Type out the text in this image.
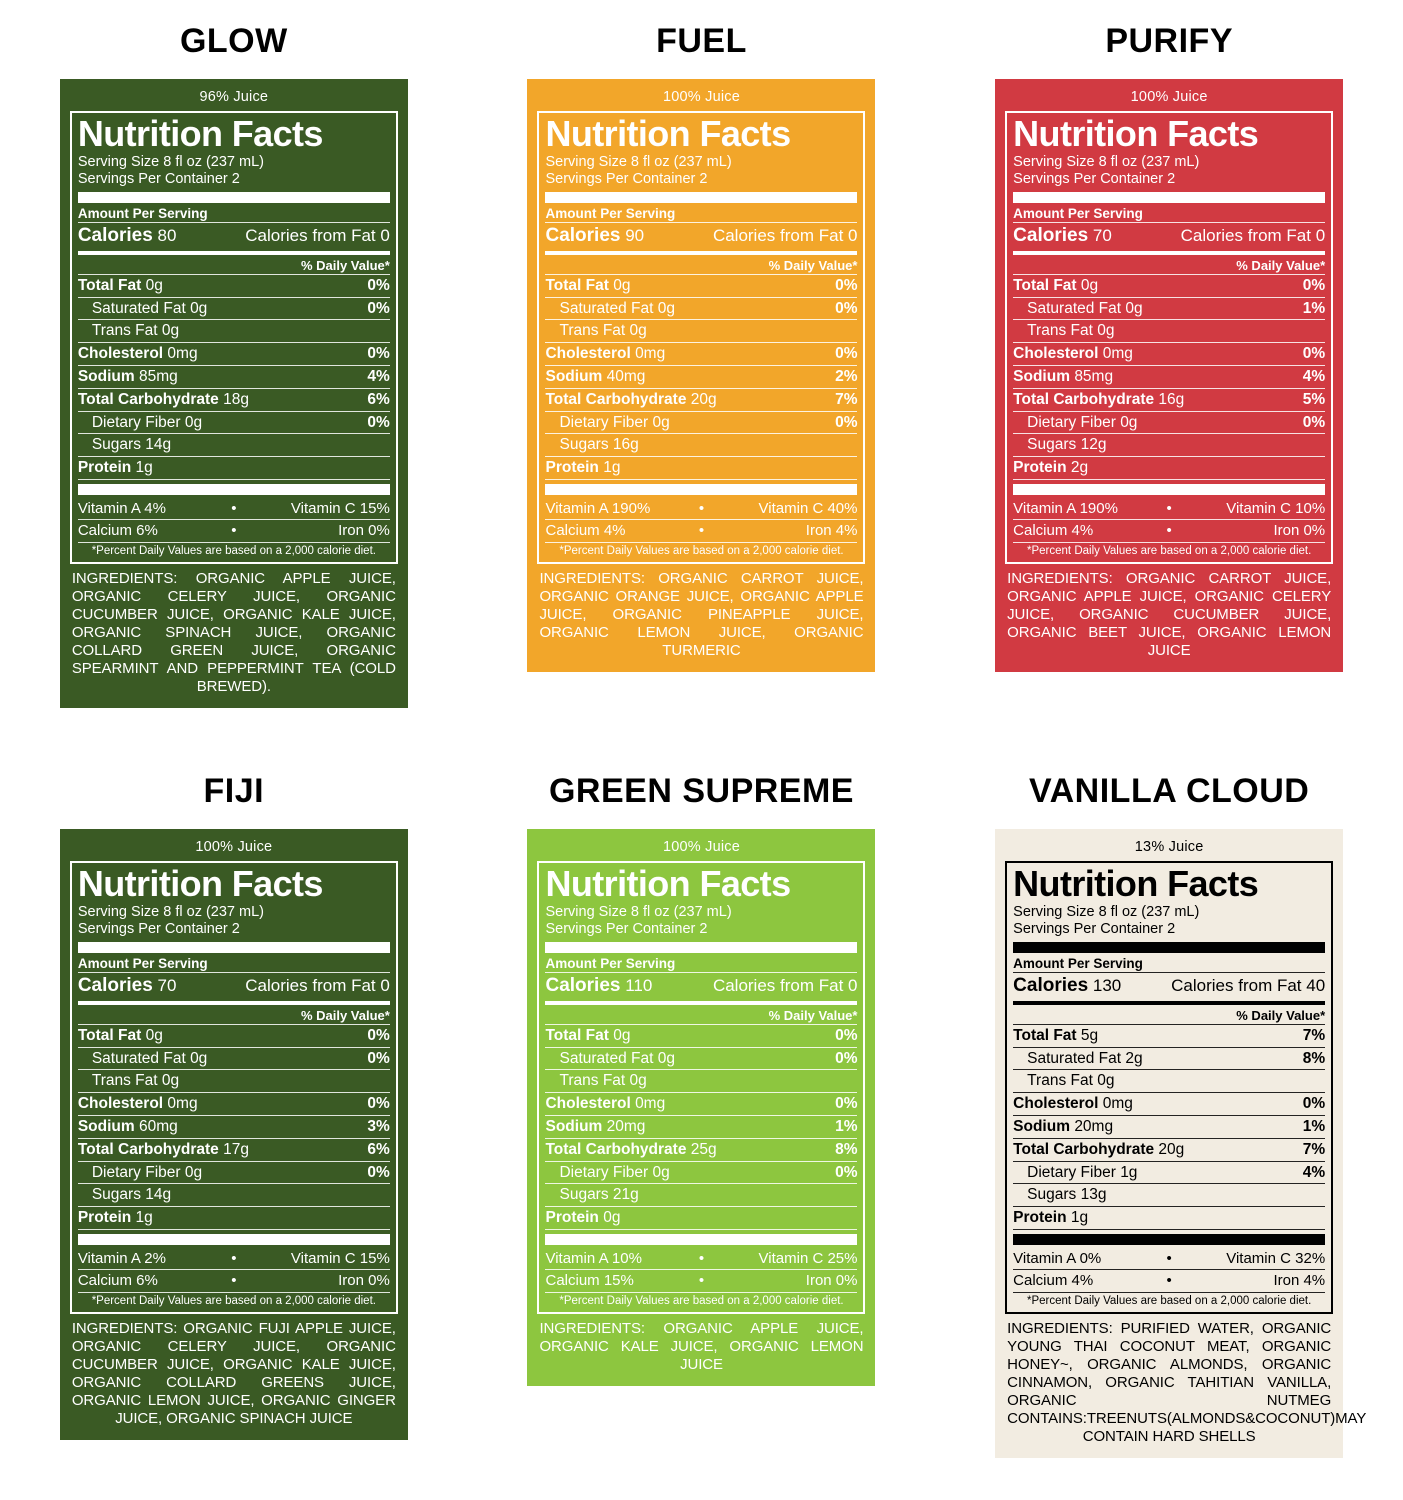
GLOW
96% Juice
Nutrition Facts
Serving Size 8 fl oz (237 mL)
Servings Per Container 2
Amount Per Serving
Calories 80	Calories from Fat 0
% Daily Value*
Total Fat 0g	0%
Saturated Fat 0g	0%
Trans Fat 0g
Cholesterol 0mg	0%
Sodium 85mg	4%
Total Carbohydrate 18g	6%
Dietary Fiber 0g	0%
Sugars 14g
Protein 1g
Vitamin A 4%	•	Vitamin C 15%
Calcium 6%	•	Iron 0%
*Percent Daily Values are based on a 2,000 calorie diet.
INGREDIENTS: ORGANIC APPLE JUICE, ORGANIC CELERY JUICE, ORGANIC CUCUMBER JUICE, ORGANIC KALE JUICE, ORGANIC SPINACH JUICE, ORGANIC COLLARD GREEN JUICE, ORGANIC SPEARMINT AND PEPPERMINT TEA (COLD BREWED).
FUEL
100% Juice
Nutrition Facts
Serving Size 8 fl oz (237 mL)
Servings Per Container 2
Amount Per Serving
Calories 90	Calories from Fat 0
% Daily Value*
Total Fat 0g	0%
Saturated Fat 0g	0%
Trans Fat 0g
Cholesterol 0mg	0%
Sodium 40mg	2%
Total Carbohydrate 20g	7%
Dietary Fiber 0g	0%
Sugars 16g
Protein 1g
Vitamin A 190%	•	Vitamin C 40%
Calcium 4%	•	Iron 4%
*Percent Daily Values are based on a 2,000 calorie diet.
INGREDIENTS: ORGANIC CARROT JUICE, ORGANIC ORANGE JUICE, ORGANIC APPLE JUICE, ORGANIC PINEAPPLE JUICE, ORGANIC LEMON JUICE, ORGANIC TURMERIC
PURIFY
100% Juice
Nutrition Facts
Serving Size 8 fl oz (237 mL)
Servings Per Container 2
Amount Per Serving
Calories 70	Calories from Fat 0
% Daily Value*
Total Fat 0g	0%
Saturated Fat 0g	1%
Trans Fat 0g
Cholesterol 0mg	0%
Sodium 85mg	4%
Total Carbohydrate 16g	5%
Dietary Fiber 0g	0%
Sugars 12g
Protein 2g
Vitamin A 190%	•	Vitamin C 10%
Calcium 4%	•	Iron 0%
*Percent Daily Values are based on a 2,000 calorie diet.
INGREDIENTS: ORGANIC CARROT JUICE, ORGANIC APPLE JUICE, ORGANIC CELERY JUICE, ORGANIC CUCUMBER JUICE, ORGANIC BEET JUICE, ORGANIC LEMON JUICE
FIJI
100% Juice
Nutrition Facts
Serving Size 8 fl oz (237 mL)
Servings Per Container 2
Amount Per Serving
Calories 70	Calories from Fat 0
% Daily Value*
Total Fat 0g	0%
Saturated Fat 0g	0%
Trans Fat 0g
Cholesterol 0mg	0%
Sodium 60mg	3%
Total Carbohydrate 17g	6%
Dietary Fiber 0g	0%
Sugars 14g
Protein 1g
Vitamin A 2%	•	Vitamin C 15%
Calcium 6%	•	Iron 0%
*Percent Daily Values are based on a 2,000 calorie diet.
INGREDIENTS: ORGANIC FUJI APPLE JUICE, ORGANIC CELERY JUICE, ORGANIC CUCUMBER JUICE, ORGANIC KALE JUICE, ORGANIC COLLARD GREENS JUICE, ORGANIC LEMON JUICE, ORGANIC GINGER JUICE, ORGANIC SPINACH JUICE
GREEN SUPREME
100% Juice
Nutrition Facts
Serving Size 8 fl oz (237 mL)
Servings Per Container 2
Amount Per Serving
Calories 110	Calories from Fat 0
% Daily Value*
Total Fat 0g	0%
Saturated Fat 0g	0%
Trans Fat 0g
Cholesterol 0mg	0%
Sodium 20mg	1%
Total Carbohydrate 25g	8%
Dietary Fiber 0g	0%
Sugars 21g
Protein 0g
Vitamin A 10%	•	Vitamin C 25%
Calcium 15%	•	Iron 0%
*Percent Daily Values are based on a 2,000 calorie diet.
INGREDIENTS: ORGANIC APPLE JUICE, ORGANIC KALE JUICE, ORGANIC LEMON JUICE
VANILLA CLOUD
13% Juice
Nutrition Facts
Serving Size 8 fl oz (237 mL)
Servings Per Container 2
Amount Per Serving
Calories 130	Calories from Fat 40
% Daily Value*
Total Fat 5g	7%
Saturated Fat 2g	8%
Trans Fat 0g
Cholesterol 0mg	0%
Sodium 20mg	1%
Total Carbohydrate 20g	7%
Dietary Fiber 1g	4%
Sugars 13g
Protein 1g
Vitamin A 0%	•	Vitamin C 32%
Calcium 4%	•	Iron 4%
*Percent Daily Values are based on a 2,000 calorie diet.
INGREDIENTS: PURIFIED WATER, ORGANIC YOUNG THAI COCONUT MEAT, ORGANIC HONEY~, ORGANIC ALMONDS, ORGANIC CINNAMON, ORGANIC TAHITIAN VANILLA, ORGANIC NUTMEG CONTAINS:TREENUTS(ALMONDS&COCONUT)MAY CONTAIN HARD SHELLS
